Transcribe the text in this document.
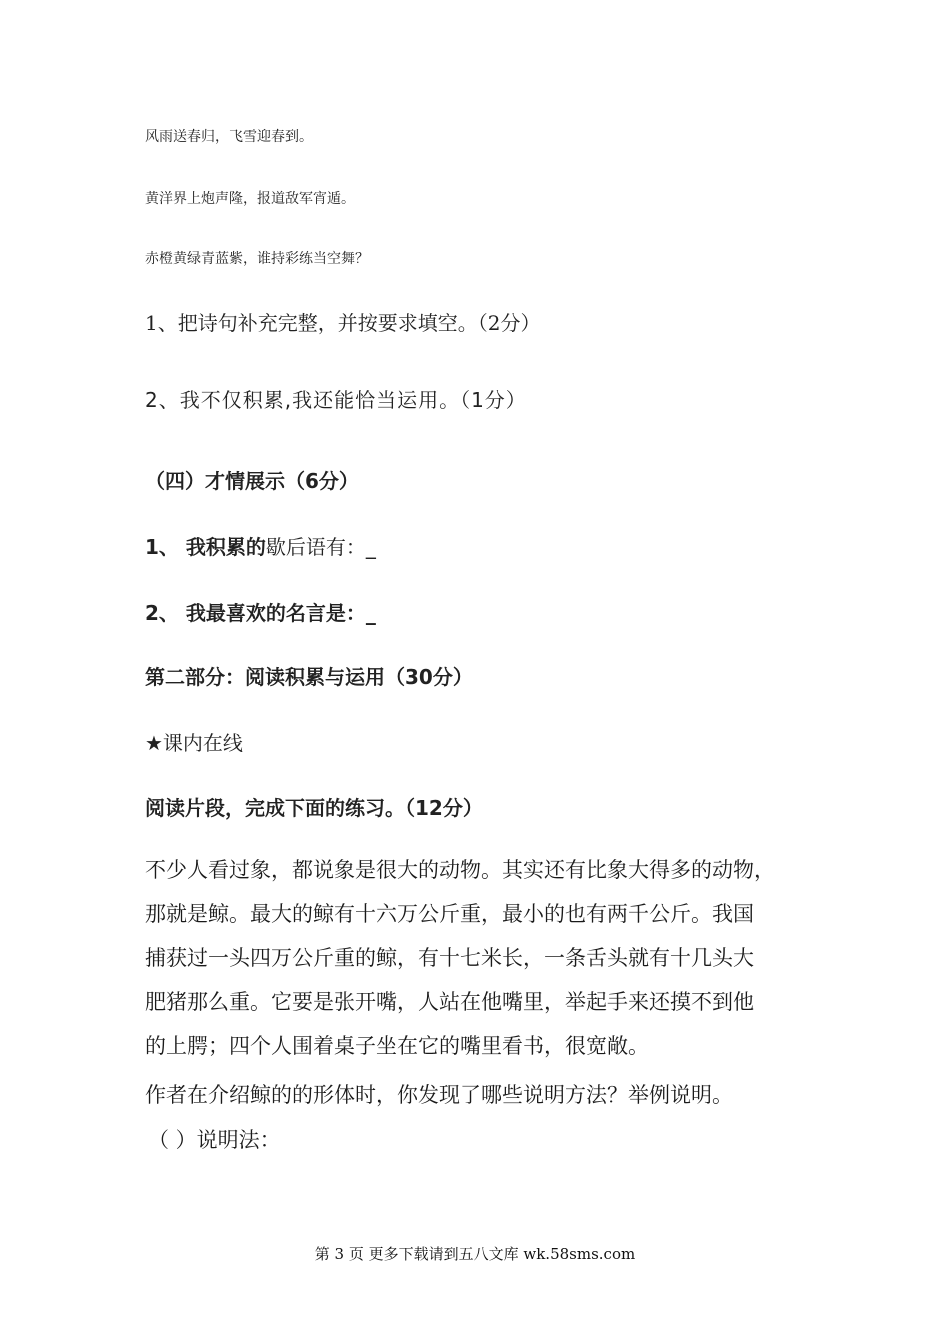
风雨送春归，飞雪迎春到。
黄洋界上炮声隆，报道敌军宵遁。
赤橙黄绿青蓝紫，谁持彩练当空舞？
1、把诗句补充完整，并按要求填空。（2分）
2、我不仅积累,我还能恰当运用。（1分）
（四）才情展示（6分）
1、 我积累的歇后语有：_
2、 我最喜欢的名言是：_
第二部分：阅读积累与运用（30分）
★课内在线
阅读片段，完成下面的练习。（12分）
不少人看过象，都说象是很大的动物。其实还有比象大得多的动物，
那就是鲸。最大的鲸有十六万公斤重，最小的也有两千公斤。我国
捕获过一头四万公斤重的鲸，有十七米长，一条舌头就有十几头大
肥猪那么重。它要是张开嘴，人站在他嘴里，举起手来还摸不到他
的上腭；四个人围着桌子坐在它的嘴里看书，很宽敞。
作者在介绍鲸的的形体时，你发现了哪些说明方法？举例说明。
（ ）说明法：
第 3 页 更多下载请到五八文库 wk.58sms.com
